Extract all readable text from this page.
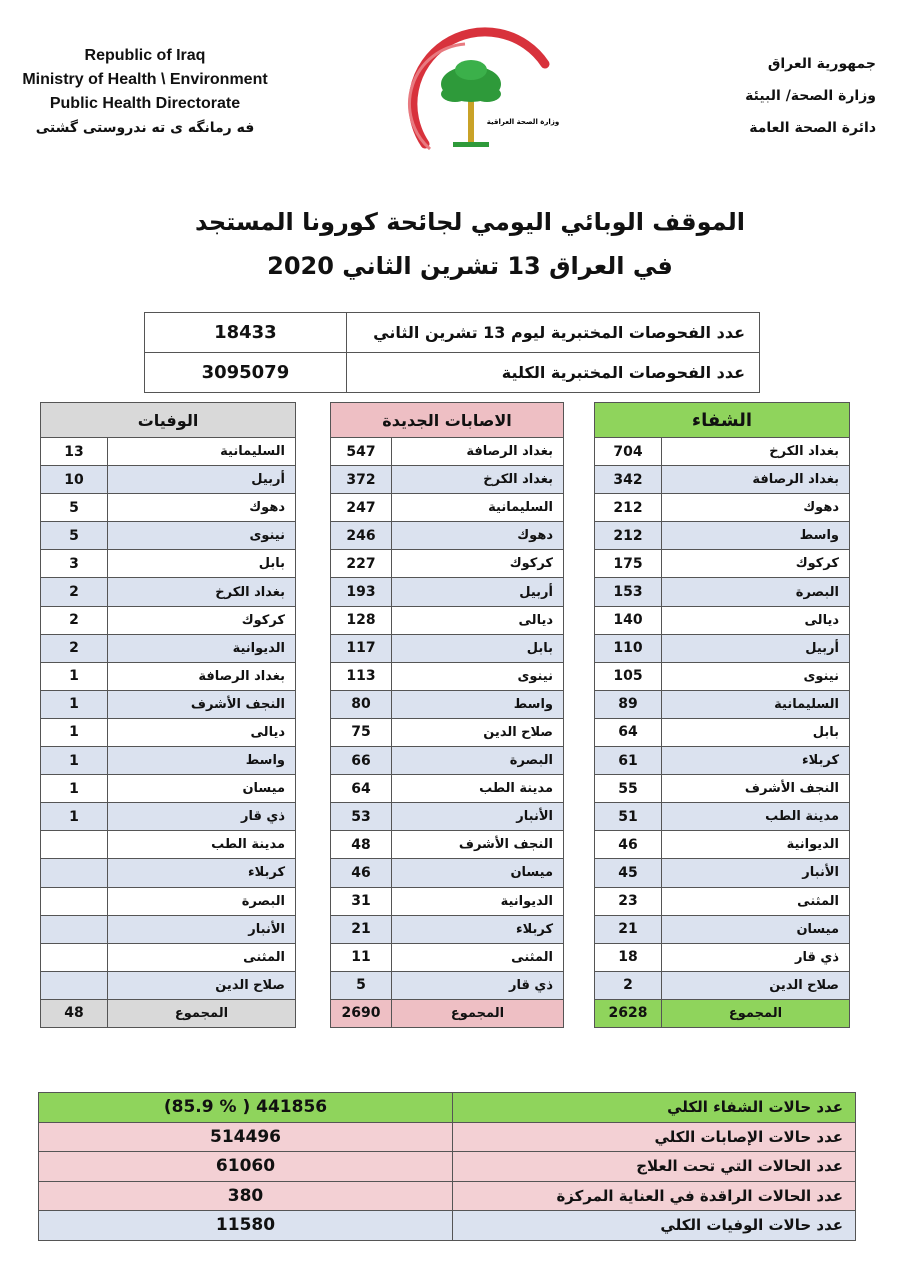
Republic of Iraq
Ministry of Health \ Environment
Public Health Directorate
فه رمانگه ی ته ندروستی گشتی	وزارة الصحة العراقية
جمهورية العراق
وزارة الصحة/ البيئة
دائرة الصحة العامة
الموقف الوبائي اليومي لجائحة كورونا المستجد
في العراق 13 تشرين الثاني 2020
عدد الفحوصات المختبرية ليوم 13 تشرين الثاني	18433
عدد الفحوصات المختبرية الكلية	3095079
الشفاء	
بغداد الكرخ	704
بغداد الرصافة	342
دهوك	212
واسط	212
كركوك	175
البصرة	153
ديالى	140
أربيل	110
نينوى	105
السليمانية	89
بابل	64
كربلاء	61
النجف الأشرف	55
مدينة الطب	51
الديوانية	46
الأنبار	45
المثنى	23
ميسان	21
ذي قار	18
صلاح الدين	2
المجموع	2628
الاصابات الجديدة	
بغداد الرصافة	547
بغداد الكرخ	372
السليمانية	247
دهوك	246
كركوك	227
أربيل	193
ديالى	128
بابل	117
نينوى	113
واسط	80
صلاح الدين	75
البصرة	66
مدينة الطب	64
الأنبار	53
النجف الأشرف	48
ميسان	46
الديوانية	31
كربلاء	21
المثنى	11
ذي قار	5
المجموع	2690
الوفيات	
السليمانية	13
أربيل	10
دهوك	5
نينوى	5
بابل	3
بغداد الكرخ	2
كركوك	2
الديوانية	2
بغداد الرصافة	1
النجف الأشرف	1
ديالى	1
واسط	1
ميسان	1
ذي قار	1
مدينة الطب	
كربلاء	
البصرة	
الأنبار	
المثنى	
صلاح الدين	
المجموع	48
عدد حالات الشفاء الكلي	(85.9 % ) 441856
عدد حالات الإصابات الكلي	514496
عدد الحالات التي تحت العلاج	61060
عدد الحالات الراقدة في العناية المركزة	380
عدد حالات الوفيات الكلي	11580
